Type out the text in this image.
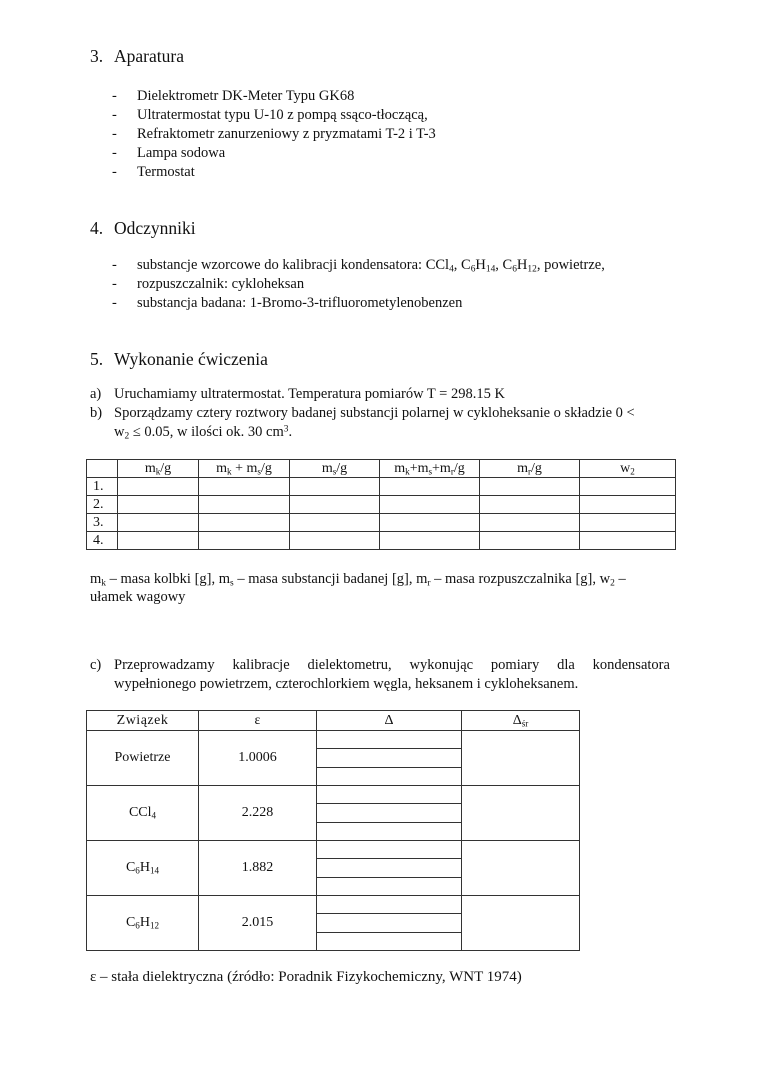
3. Aparatura
- Dielektrometr DK-Meter Typu GK68
- Ultratermostat typu U-10 z pompą ssąco-tłoczącą,
- Refraktometr zanurzeniowy z pryzmatami T-2 i T-3
- Lampa sodowa
- Termostat
4. Odczynniki
- substancje wzorcowe do kalibracji kondensatora: CCl$_4$, $C_6H_{14}$, $C_6H_{12}$, powietrze,
- rozpuszczalnik: cykloheksan
- substancja badana: 1-Bromo-3-trifluorometylenobenzen
5. Wykonanie ćwiczenia
a) Uruchamiamy ultratermostat. Temperatura pomiarów T = 298.15 K
b) Sporządzamy cztery roztwory badanej substancji polarnej w cykloheksanie o składzie 0 <
$w_2 \le 0.05$, w ilości ok. 30 $cm^3$.
	$m_k/g$	$m_k + m_s/g$	$m_s/g$	$m_k+m_s+m_r/g$	$m_r/g$	$w_2$
1.						
2.						
3.						
4.						
$m_k$ – masa kolbki [g], $m_s$ – masa substancji badanej [g], $m_r$ – masa rozpuszczalnika [g], $w_2$ –
ułamek wagowy
c) Przeprowadzamy kalibracje dielektometru, wykonując pomiary dla kondensatora
wypełnionego powietrzem, czterochlorkiem węgla, heksanem i cykloheksanem.
Związek	ε	Δ	$\Delta_{śr}$
Powietrze	1.0006	

CCl$_4$	2.228	

$C_6H_{14}$	1.882	

$C_6H_{12}$	2.015	

ε – stała dielektryczna (źródło: Poradnik Fizykochemiczny, WNT 1974)
